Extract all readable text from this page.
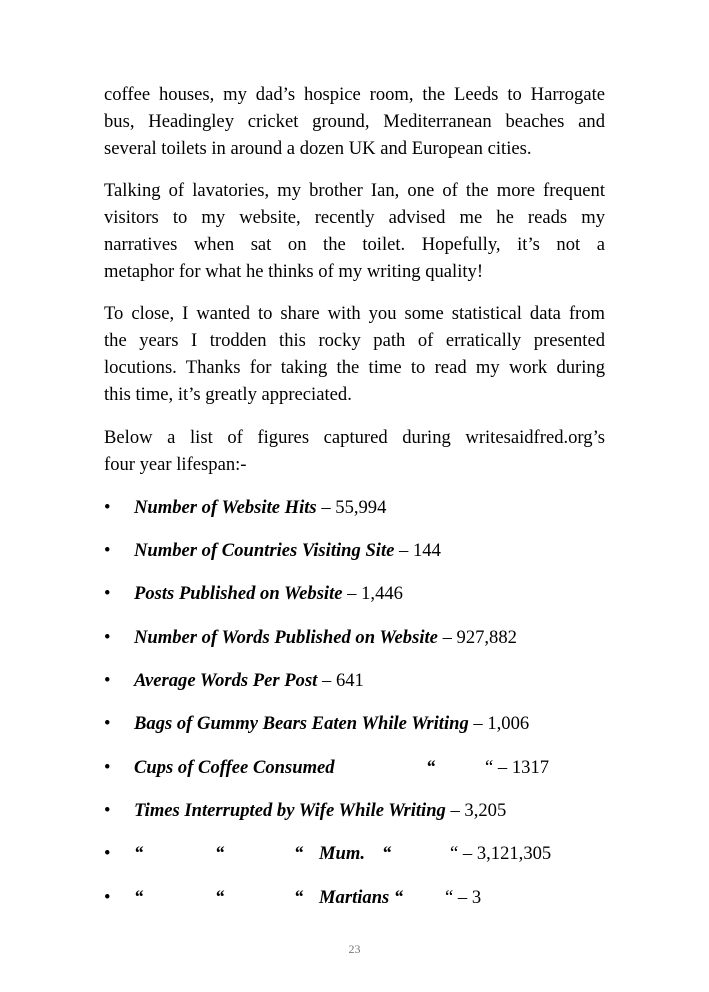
coffee houses, my dad’s hospice room, the Leeds to Harrogate
bus, Headingley cricket ground, Mediterranean beaches and
several toilets in around a dozen UK and European cities.
Talking of lavatories, my brother Ian, one of the more frequent
visitors to my website, recently advised me he reads my
narratives when sat on the toilet. Hopefully, it’s not a
metaphor for what he thinks of my writing quality!
To close, I wanted to share with you some statistical data from
the years I trodden this rocky path of erratically presented
locutions. Thanks for taking the time to read my work during
this time, it’s greatly appreciated.
Below a list of figures captured during writesaidfred.org’s
four year lifespan:-
• Number of Website Hits – 55,994
• Number of Countries Visiting Site – 144
• Posts Published on Website – 1,446
• Number of Words Published on Website – 927,882
• Average Words Per Post – 641
• Bags of Gummy Bears Eaten While Writing – 1,006
• Cups of Coffee Consumed	“	“ – 1317
• Times Interrupted by Wife While Writing – 3,205
• “	“	“ Mum. “	“ – 3,121,305
• “	“	“ Martians “ “ – 3
23
